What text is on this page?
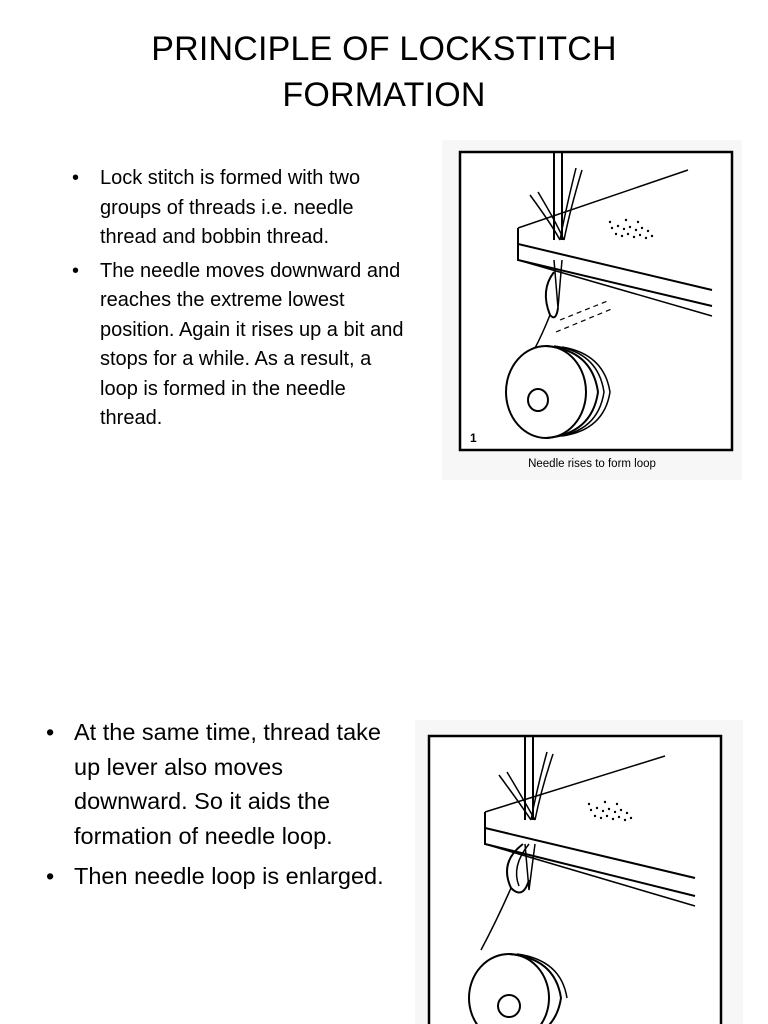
PRINCIPLE OF LOCKSTITCH
FORMATION
• Lock stitch is formed with two groups of threads i.e. needle thread and bobbin thread.
• The needle moves downward and reaches the extreme lowest position. Again it rises up a bit and stops for a while. As a result, a loop is formed in the needle thread.
1
Needle rises to form loop
• At the same time, thread take up lever also moves downward. So it aids the formation of needle loop.
• Then needle loop is enlarged.
